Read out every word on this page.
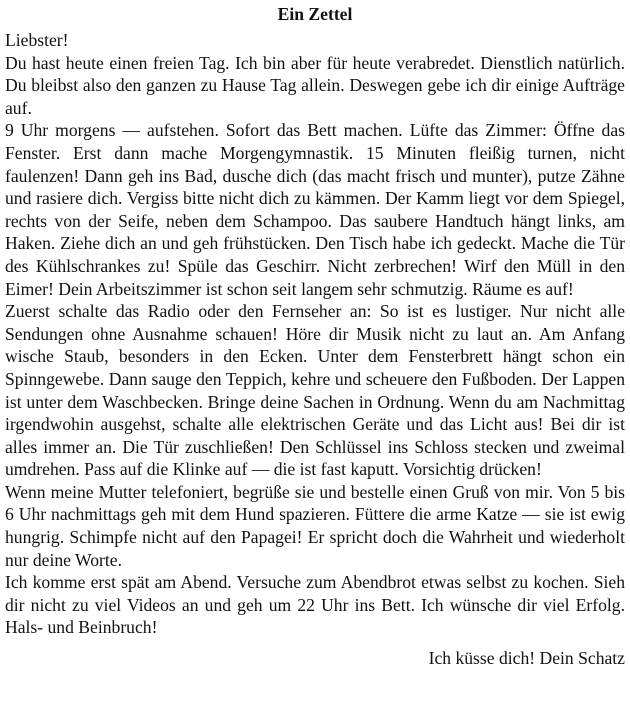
Ein Zettel
Liebster!

Du hast heute einen freien Tag. Ich bin aber für heute verabredet. Dienstlich natürlich. Du bleibst also den ganzen zu Hause Tag allein. Deswegen gebe ich dir einige Aufträge auf.

9 Uhr morgens — aufstehen. Sofort das Bett machen. Lüfte das Zimmer: Öffne das Fenster. Erst dann mache Morgengymnastik. 15 Minuten fleißig turnen, nicht faulenzen! Dann geh ins Bad, dusche dich (das macht frisch und munter), putze Zähne und rasiere dich. Vergiss bitte nicht dich zu kämmen. Der Kamm liegt vor dem Spiegel, rechts von der Seife, neben dem Schampoo. Das saubere Handtuch hängt links, am Haken. Ziehe dich an und geh frühstücken. Den Tisch habe ich gedeckt. Mache die Tür des Kühlschrankes zu! Spüle das Geschirr. Nicht zerbrechen! Wirf den Müll in den Eimer! Dein Arbeitszimmer ist schon seit langem sehr schmutzig. Räume es auf!

Zuerst schalte das Radio oder den Fernseher an: So ist es lustiger. Nur nicht alle Sendungen ohne Ausnahme schauen! Höre dir Musik nicht zu laut an. Am Anfang wische Staub, besonders in den Ecken. Unter dem Fensterbrett hängt schon ein Spinngewebe. Dann sauge den Teppich, kehre und scheuere den Fußboden. Der Lappen ist unter dem Waschbecken. Bringe deine Sachen in Ordnung. Wenn du am Nachmittag irgendwohin ausgehst, schalte alle elektrischen Geräte und das Licht aus! Bei dir ist alles immer an. Die Tür zuschließen! Den Schlüssel ins Schloss stecken und zweimal umdrehen. Pass auf die Klinke auf — die ist fast kaputt. Vorsichtig drücken!

Wenn meine Mutter telefoniert, begrüße sie und bestelle einen Gruß von mir. Von 5 bis 6 Uhr nachmittags geh mit dem Hund spazieren. Füttere die arme Katze — sie ist ewig hungrig. Schimpfe nicht auf den Papagei! Er spricht doch die Wahrheit und wiederholt nur deine Worte.

Ich komme erst spät am Abend. Versuche zum Abendbrot etwas selbst zu kochen. Sieh dir nicht zu viel Videos an und geh um 22 Uhr ins Bett. Ich wünsche dir viel Erfolg. Hals- und Beinbruch!

Ich küsse dich! Dein Schatz
